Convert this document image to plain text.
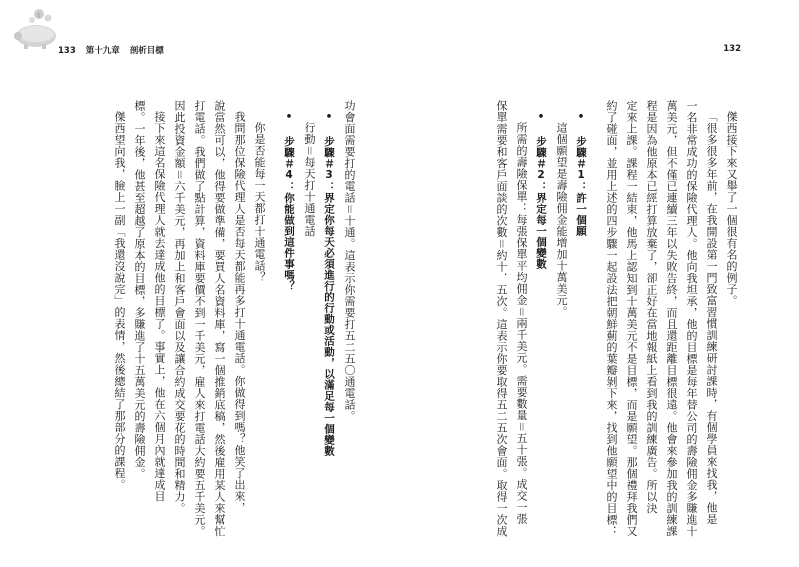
$
133 第十九章 剖析目標
功會面需要打的電話＝十通。這表示你需要打五二五〇通電話。
• 步驟＃3：界定你每天必須進行的行動或活動，以滿足每一個變數
行動＝每天打十通電話
• 步驟＃4：你能做到這件事嗎？
你是否能每一天都打十通電話？
我問那位保險代理人是否每天都能再多打十通電話。你做得到嗎？他笑了出來，
說當然可以，他得要做準備，要買人名資料庫，寫一個推銷底稿，然後雇用某人來幫忙
打電話。我們做了點計算，資料庫要價不到一千美元，雇人來打電話大約要五千美元。
因此投資金額＝六千美元，再加上和客戶會面以及讓合約成交要花的時間和精力。
接下來這名保險代理人就去達成他的目標了。事實上，他在六個月內就達成目
標。一年後，他甚至超越了原本的目標，多賺進了十五萬美元的壽險佣金。
傑西望向我，臉上一副「我還沒說完」的表情，然後總結了那部分的課程。
132
傑西接下來又舉了一個很有名的例子。
「很多很多年前，在我開設第一門致富習慣訓練研討課時，有個學員來找我，他是
一名非常成功的保險代理人。他向我坦承，他的目標是每年替公司的壽險佣金多賺進十
萬美元，但不僅已連續三年以失敗告終，而且還距離目標很遠。他會來參加我的訓練課
程是因為他原本已經打算放棄了，卻正好在當地報紙上看到我的訓練廣告。所以決
定來上課。課程一結束，他馬上認知到十萬美元不是目標，而是願望。那個禮拜我們又
約了碰面，並用上述的四步驟一起設法把朝鮮薊的葉瓣剝下來，找到他願望中的目標：
• 步驟＃1：許一個願
這個願望是壽險佣金能增加十萬美元。
• 步驟＃2：界定每一個變數
所需的壽險保單：每張保單平均佣金＝兩千美元。需要數量＝五十張。成交一張
保單需要和客戶面談的次數＝約十．五次。這表示你要取得五二五次會面。取得一次成
